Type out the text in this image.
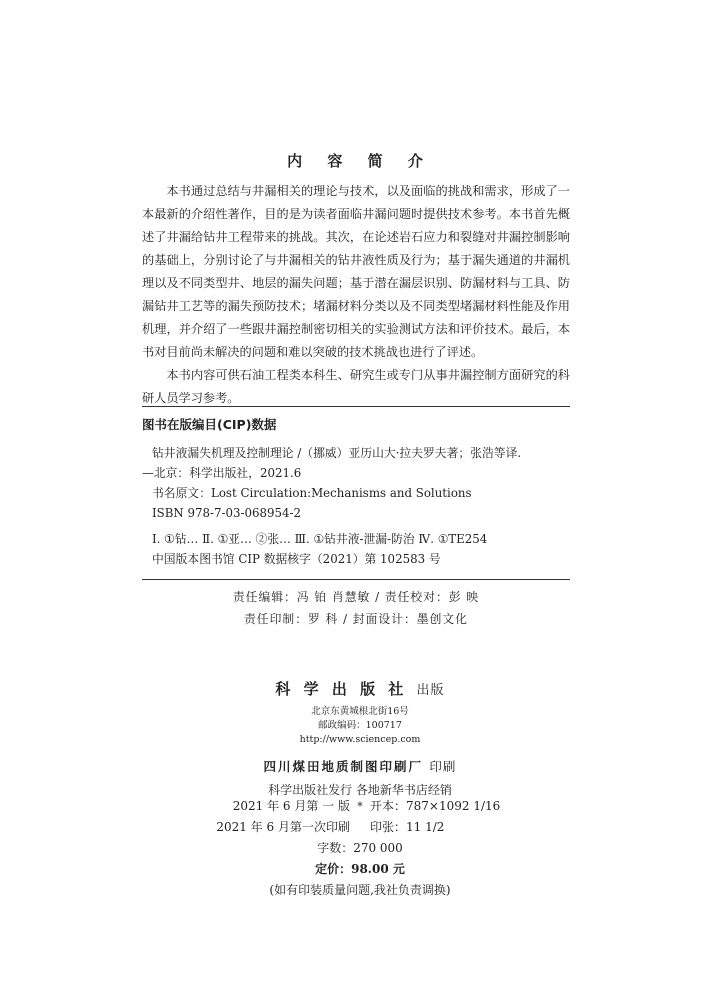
内 容 简 介

本书通过总结与井漏相关的理论与技术，以及面临的挑战和需求，形成了一本最新的介绍性著作，目的是为读者面临井漏问题时提供技术参考。本书首先概述了井漏给钻井工程带来的挑战。其次，在论述岩石应力和裂缝对井漏控制影响的基础上，分别讨论了与井漏相关的钻井液性质及行为；基于漏失通道的井漏机理以及不同类型井、地层的漏失问题；基于潜在漏层识别、防漏材料与工具、防漏钻井工艺等的漏失预防技术；堵漏材料分类以及不同类型堵漏材料性能及作用机理，并介绍了一些跟井漏控制密切相关的实验测试方法和评价技术。最后，本书对目前尚未解决的问题和难以突破的技术挑战也进行了评述。

本书内容可供石油工程类本科生、研究生或专门从事井漏控制方面研究的科研人员学习参考。

图书在版编目(CIP)数据
钻井液漏失机理及控制理论 /（挪威）亚历山大·拉夫罗夫著；张浩等译.
—北京：科学出版社，2021.6
书名原文：Lost Circulation:Mechanisms and Solutions
ISBN 978-7-03-068954-2
Ⅰ. ①钻… Ⅱ. ①亚… ②张… Ⅲ. ①钻井液-泄漏-防治 Ⅳ. ①TE254
中国版本图书馆 CIP 数据核字（2021）第 102583 号
责任编辑：冯 铂 肖慧敏 / 责任校对：彭 映
责任印制：罗 科 / 封面设计：墨创文化
科 学 出 版 社 出版
北京东黄城根北街16号
邮政编码：100717
http://www.sciencep.com
四川煤田地质制图印刷厂 印刷
科学出版社发行 各地新华书店经销
*
2021 年 6 月第 一 版 开本：787×1092 1/16
2021 年 6 月第一次印刷 印张：11 1/2
字数：270 000
定价：98.00 元
(如有印装质量问题,我社负责调换)
